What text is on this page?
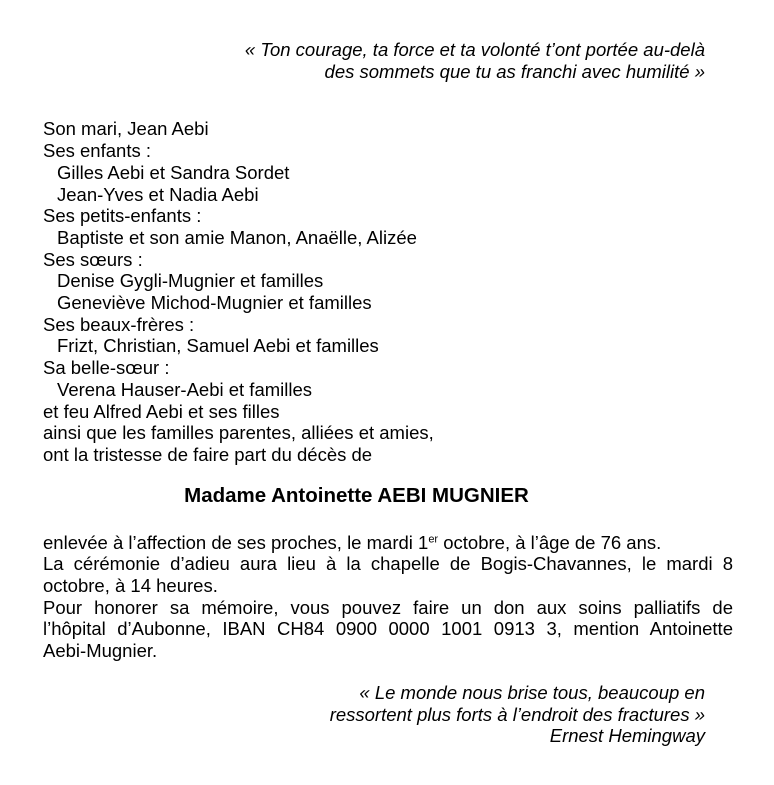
« Ton courage, ta force et ta volonté t’ont portée au-delà
des sommets que tu as franchi avec humilité »
Son mari, Jean Aebi
Ses enfants :
Gilles Aebi et Sandra Sordet
Jean-Yves et Nadia Aebi
Ses petits-enfants :
Baptiste et son amie Manon, Anaëlle, Alizée
Ses sœurs :
Denise Gygli-Mugnier et familles
Geneviève Michod-Mugnier et familles
Ses beaux-frères :
Frizt, Christian, Samuel Aebi et familles
Sa belle-sœur :
Verena Hauser-Aebi et familles
et feu Alfred Aebi et ses filles
ainsi que les familles parentes, alliées et amies,
ont la tristesse de faire part du décès de
Madame Antoinette AEBI MUGNIER
enlevée à l’affection de ses proches, le mardi 1er octobre, à l’âge de 76 ans.
La cérémonie d’adieu aura lieu à la chapelle de Bogis-Chavannes, le mardi 8
octobre, à 14 heures.
Pour honorer sa mémoire, vous pouvez faire un don aux soins palliatifs de
l’hôpital d’Aubonne, IBAN CH84 0900 0000 1001 0913 3, mention Antoinette
Aebi-Mugnier.
« Le monde nous brise tous, beaucoup en
ressortent plus forts à l’endroit des fractures »
Ernest Hemingway
